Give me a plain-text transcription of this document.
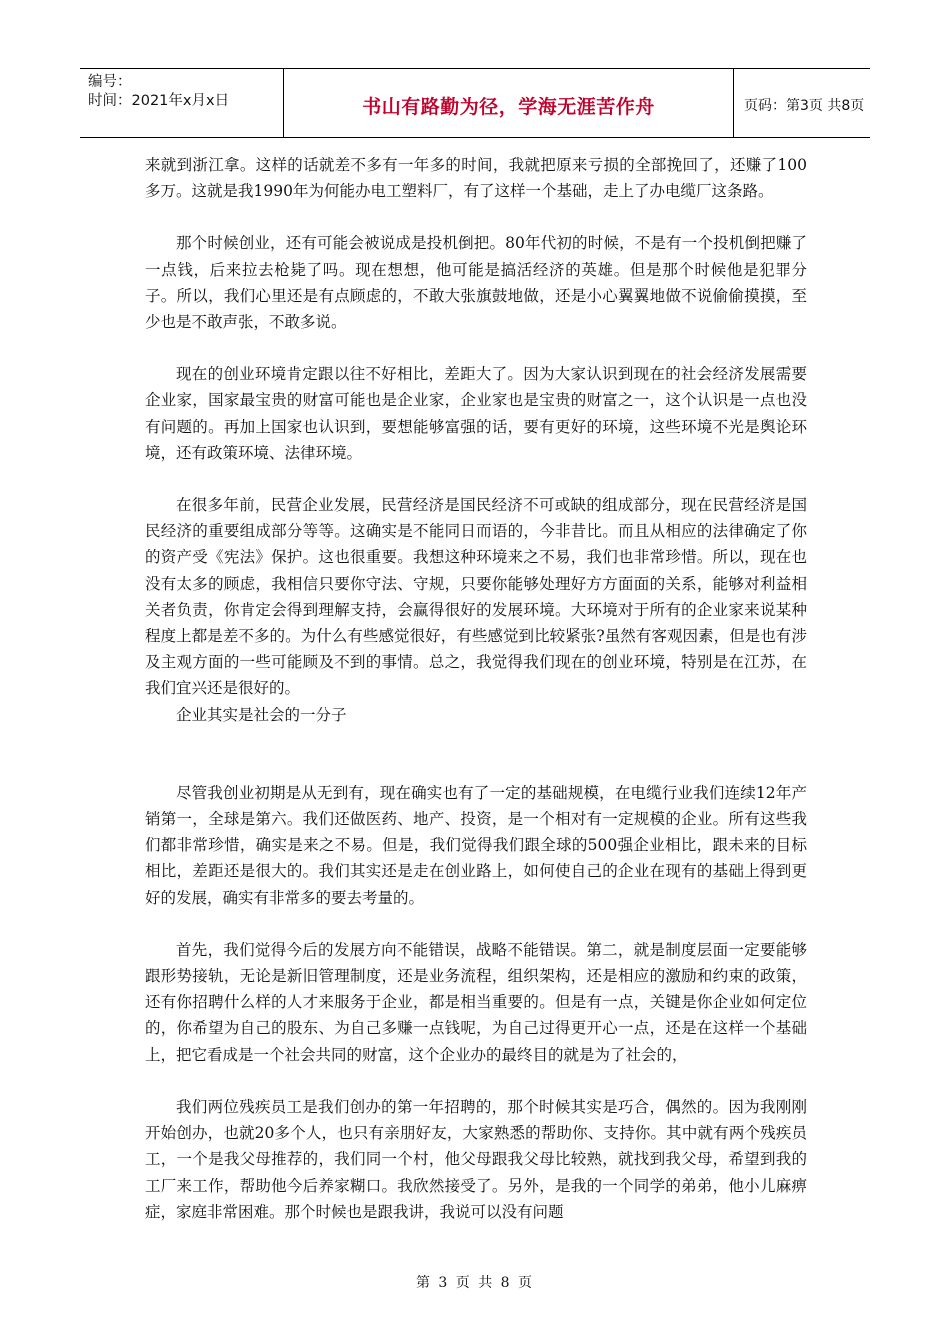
编号：
时间：2021年x月x日	书山有路勤为径，学海无涯苦作舟	页码：第3页 共8页

来就到浙江拿。这样的话就差不多有一年多的时间，我就把原来亏损的全部挽回了，还赚了100多万。这就是我1990年为何能办电工塑料厂，有了这样一个基础，走上了办电缆厂这条路。

那个时候创业，还有可能会被说成是投机倒把。80年代初的时候，不是有一个投机倒把赚了一点钱，后来拉去枪毙了吗。现在想想，他可能是搞活经济的英雄。但是那个时候他是犯罪分子。所以，我们心里还是有点顾虑的，不敢大张旗鼓地做，还是小心翼翼地做不说偷偷摸摸，至少也是不敢声张，不敢多说。

现在的创业环境肯定跟以往不好相比，差距大了。因为大家认识到现在的社会经济发展需要企业家，国家最宝贵的财富可能也是企业家，企业家也是宝贵的财富之一，这个认识是一点也没有问题的。再加上国家也认识到，要想能够富强的话，要有更好的环境，这些环境不光是舆论环境，还有政策环境、法律环境。

在很多年前，民营企业发展，民营经济是国民经济不可或缺的组成部分，现在民营经济是国民经济的重要组成部分等等。这确实是不能同日而语的，今非昔比。而且从相应的法律确定了你的资产受《宪法》保护。这也很重要。我想这种环境来之不易，我们也非常珍惜。所以，现在也没有太多的顾虑，我相信只要你守法、守规，只要你能够处理好方方面面的关系，能够对利益相关者负责，你肯定会得到理解支持，会赢得很好的发展环境。大环境对于所有的企业家来说某种程度上都是差不多的。为什么有些感觉很好，有些感觉到比较紧张?虽然有客观因素，但是也有涉及主观方面的一些可能顾及不到的事情。总之，我觉得我们现在的创业环境，特别是在江苏，在我们宜兴还是很好的。

企业其实是社会的一分子

尽管我创业初期是从无到有，现在确实也有了一定的基础规模，在电缆行业我们连续12年产销第一，全球是第六。我们还做医药、地产、投资，是一个相对有一定规模的企业。所有这些我们都非常珍惜，确实是来之不易。但是，我们觉得我们跟全球的500强企业相比，跟未来的目标相比，差距还是很大的。我们其实还是走在创业路上，如何使自己的企业在现有的基础上得到更好的发展，确实有非常多的要去考量的。

首先，我们觉得今后的发展方向不能错误，战略不能错误。第二，就是制度层面一定要能够跟形势接轨，无论是新旧管理制度，还是业务流程，组织架构，还是相应的激励和约束的政策，还有你招聘什么样的人才来服务于企业，都是相当重要的。但是有一点，关键是你企业如何定位的，你希望为自己的股东、为自己多赚一点钱呢，为自己过得更开心一点，还是在这样一个基础上，把它看成是一个社会共同的财富，这个企业办的最终目的就是为了社会的，

我们两位残疾员工是我们创办的第一年招聘的，那个时候其实是巧合，偶然的。因为我刚刚开始创办，也就20多个人，也只有亲朋好友，大家熟悉的帮助你、支持你。其中就有两个残疾员工，一个是我父母推荐的，我们同一个村，他父母跟我父母比较熟，就找到我父母，希望到我的工厂来工作，帮助他今后养家糊口。我欣然接受了。另外，是我的一个同学的弟弟，他小儿麻痹症，家庭非常困难。那个时候也是跟我讲，我说可以没有问题

第 3 页 共 8 页
